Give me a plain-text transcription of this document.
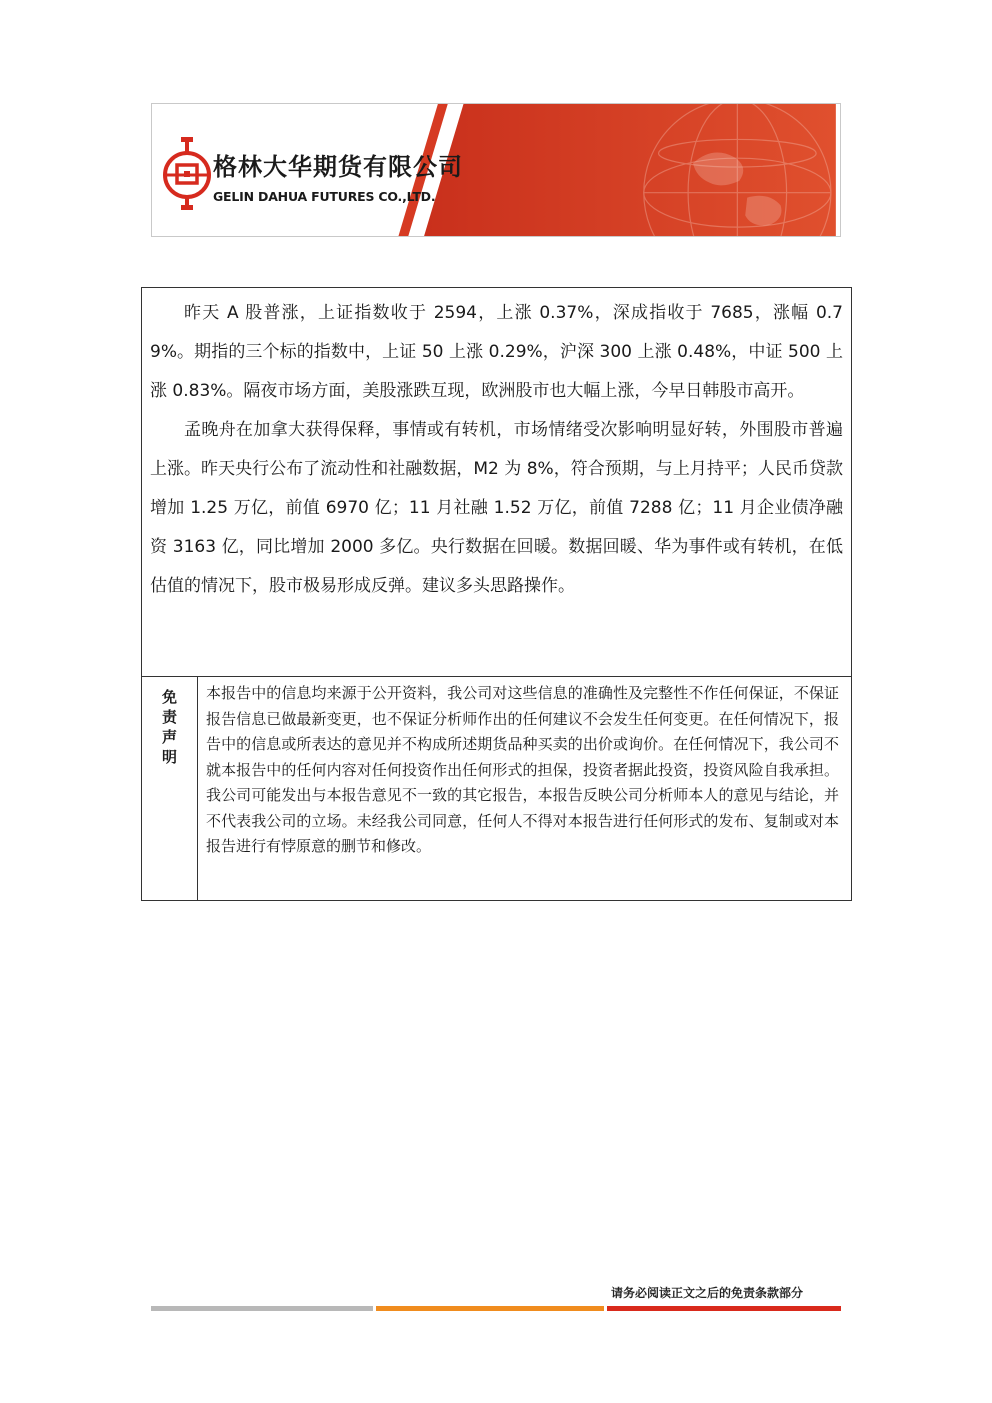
格林大华期货有限公司
GELIN DAHUA FUTURES CO.,LTD.

昨天 A 股普涨，上证指数收于 2594，上涨 0.37%，深成指收于 7685，涨幅 0.79%。期指的三个标的指数中，上证 50 上涨 0.29%，沪深 300 上涨 0.48%，中证 500 上涨 0.83%。隔夜市场方面，美股涨跌互现，欧洲股市也大幅上涨，今早日韩股市高开。

孟晚舟在加拿大获得保释，事情或有转机，市场情绪受次影响明显好转，外围股市普遍上涨。昨天央行公布了流动性和社融数据，M2 为 8%，符合预期，与上月持平；人民币贷款增加 1.25 万亿，前值 6970 亿；11 月社融 1.52 万亿，前值 7288 亿；11 月企业债净融资 3163 亿，同比增加 2000 多亿。央行数据在回暖。数据回暖、华为事件或有转机，在低估值的情况下，股市极易形成反弹。建议多头思路操作。

免责声明

本报告中的信息均来源于公开资料，我公司对这些信息的准确性及完整性不作任何保证，不保证报告信息已做最新变更，也不保证分析师作出的任何建议不会发生任何变更。在任何情况下，报告中的信息或所表达的意见并不构成所述期货品种买卖的出价或询价。在任何情况下，我公司不就本报告中的任何内容对任何投资作出任何形式的担保，投资者据此投资，投资风险自我承担。我公司可能发出与本报告意见不一致的其它报告，本报告反映公司分析师本人的意见与结论，并不代表我公司的立场。未经我公司同意，任何人不得对本报告进行任何形式的发布、复制或对本报告进行有悖原意的删节和修改。

请务必阅读正文之后的免责条款部分
